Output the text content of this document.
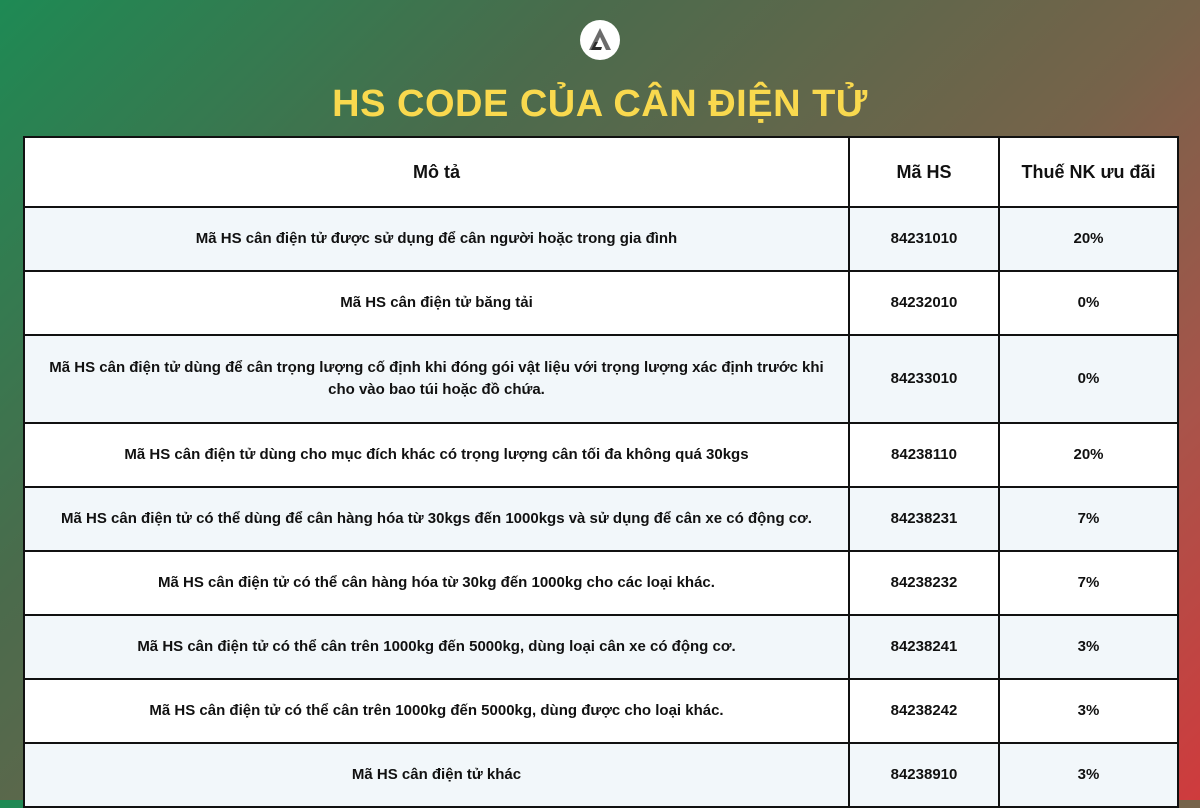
HS CODE CỦA CÂN ĐIỆN TỬ
Mô tả	Mã HS	Thuế NK ưu đãi
Mã HS cân điện tử được sử dụng để cân người hoặc trong gia đình	84231010	20%
Mã HS cân điện tử băng tải	84232010	0%
Mã HS cân điện tử dùng để cân trọng lượng cố định khi đóng gói vật liệu với trọng lượng xác định trước khi cho vào bao túi hoặc đồ chứa.	84233010	0%
Mã HS cân điện tử dùng cho mục đích khác có trọng lượng cân tối đa không quá 30kgs	84238110	20%
Mã HS cân điện tử có thể dùng để cân hàng hóa từ 30kgs đến 1000kgs và sử dụng để cân xe có động cơ.	84238231	7%
Mã HS cân điện tử có thể cân hàng hóa từ 30kg đến 1000kg cho các loại khác.	84238232	7%
Mã HS cân điện tử có thể cân trên 1000kg đến 5000kg, dùng loại cân xe có động cơ.	84238241	3%
Mã HS cân điện tử có thể cân trên 1000kg đến 5000kg, dùng được cho loại khác.	84238242	3%
Mã HS cân điện tử khác	84238910	3%
